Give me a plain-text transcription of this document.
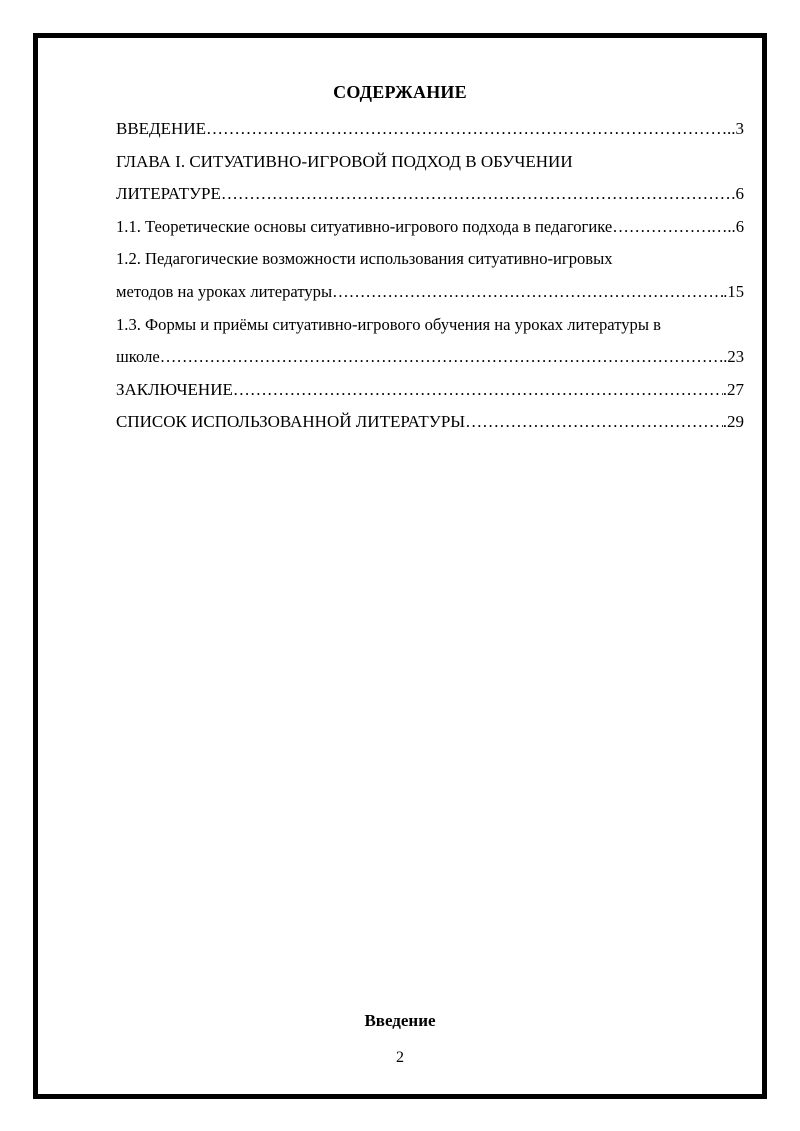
СОДЕРЖАНИЕ
ВВЕДЕНИЕ ………………………………………………………………………………………………………………………………………………	..3
ГЛАВА I. СИТУАТИВНО-ИГРОВОЙ ПОДХОД В ОБУЧЕНИИ
ЛИТЕРАТУРЕ ………………………………………………………………………………………………………………………………………………	.6
1.1. Теоретические основы ситуативно-игрового подхода в педагогике ………………………………………………………………………………………………………………………………………………	…..6
1.2. Педагогические возможности использования ситуативно-игровых
методов на уроках литературы ………………………………………………………………………………………………………………………………………………	.15
1.3. Формы и приёмы ситуативно-игрового обучения на уроках литературы в
школе ………………………………………………………………………………………………………………………………………………	..23
ЗАКЛЮЧЕНИЕ ………………………………………………………………………………………………………………………………………………	.27
СПИСОК ИСПОЛЬЗОВАННОЙ ЛИТЕРАТУРЫ ………………………………………………………………………………………………………………………………………………	.29
Введение
2
